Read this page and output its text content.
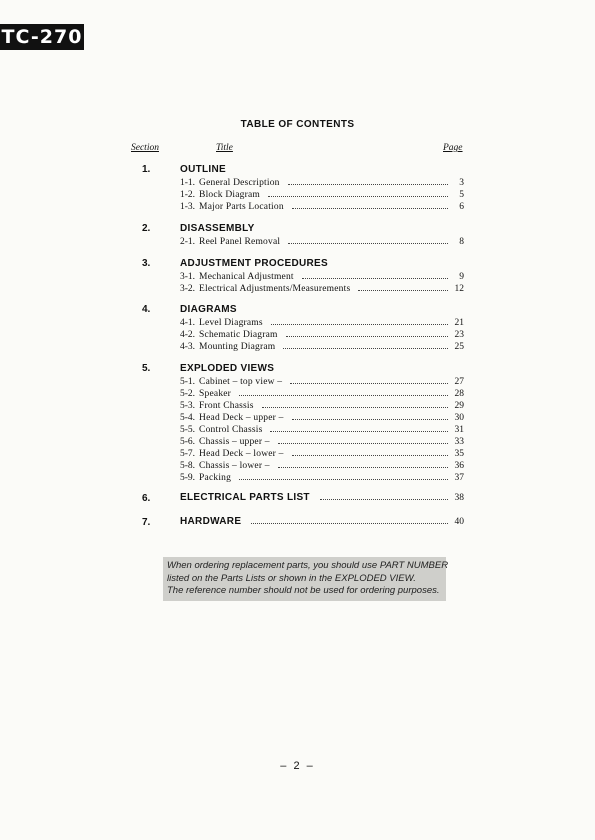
TC-270
TABLE OF CONTENTS
Section	Title	Page
1.	OUTLINE
1-1. General Description	3
1-2. Block Diagram	5
1-3. Major Parts Location	6
2.	DISASSEMBLY
2-1. Reel Panel Removal	8
3.	ADJUSTMENT PROCEDURES
3-1. Mechanical Adjustment	9
3-2. Electrical Adjustments/Measurements	12
4.	DIAGRAMS
4-1. Level Diagrams	21
4-2. Schematic Diagram	23
4-3. Mounting Diagram	25
5.	EXPLODED VIEWS
5-1. Cabinet – top view –	27
5-2. Speaker	28
5-3. Front Chassis	29
5-4. Head Deck – upper –	30
5-5. Control Chassis	31
5-6. Chassis – upper –	33
5-7. Head Deck – lower –	35
5-8. Chassis – lower –	36
5-9. Packing	37
6.	ELECTRICAL PARTS LIST	38
7.	HARDWARE	40
When ordering replacement parts, you should use PART NUMBER
listed on the Parts Lists or shown in the EXPLODED VIEW.
The reference number should not be used for ordering purposes.
– 2 –
